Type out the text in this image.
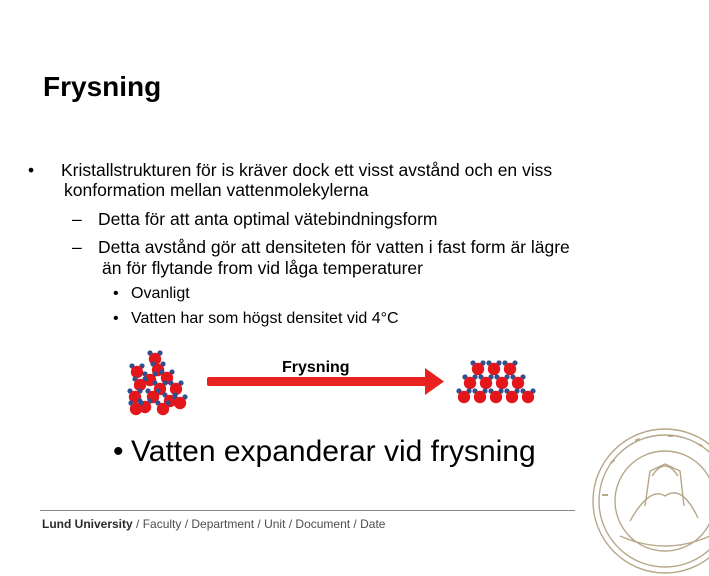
Frysning
• Kristallstrukturen för is kräver dock ett visst avstånd och en viss
konformation mellan vattenmolekylerna
– Detta för att anta optimal vätebindningsform
– Detta avstånd gör att densiteten för vatten i fast form är lägre
än för flytande from vid låga temperaturer
• Ovanligt
• Vatten har som högst densitet vid 4°C
Frysning
• Vatten expanderar vid frysning
Lund University / Faculty / Department / Unit / Document / Date
